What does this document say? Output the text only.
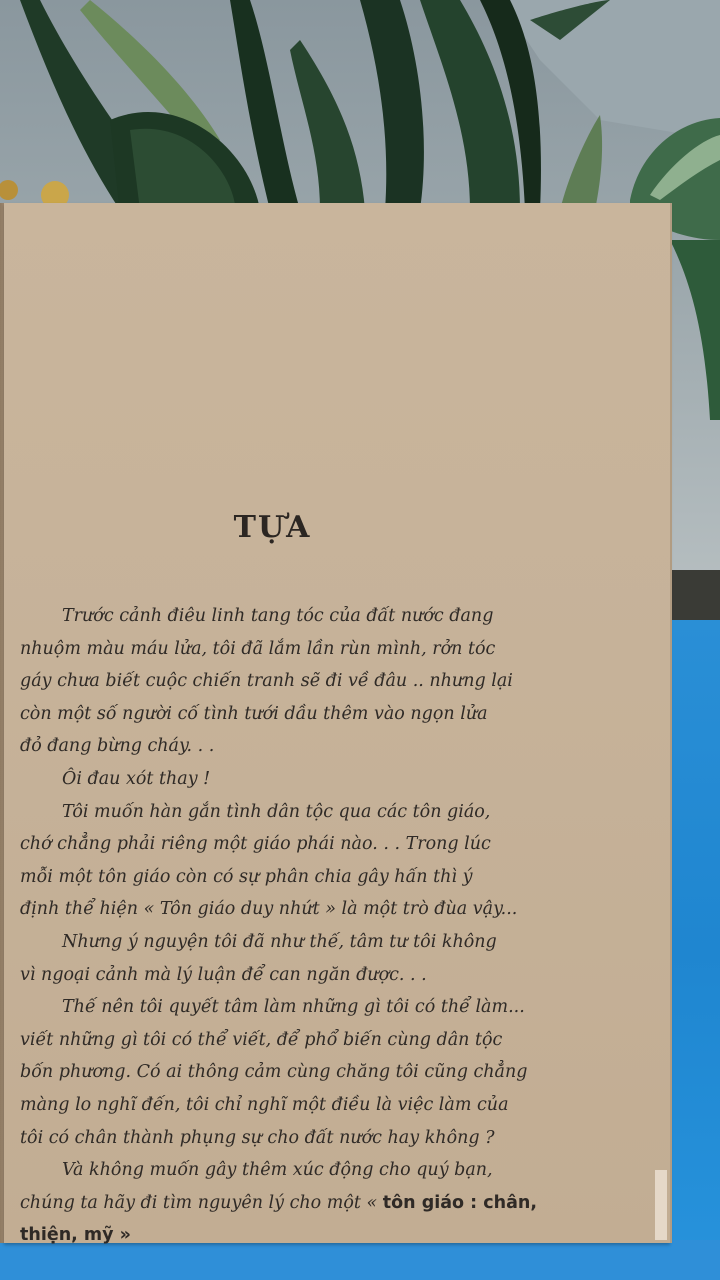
TỰA
Trước cảnh điêu linh tang tóc của đất nước đang
nhuộm màu máu lửa, tôi đã lắm lần rùn mình, rởn tóc
gáy chưa biết cuộc chiến tranh sẽ đi về đâu .. nhưng lại
còn một số người cố tình tưới dầu thêm vào ngọn lửa
đỏ đang bừng cháy. . .
Ôi đau xót thay !
Tôi muốn hàn gắn tình dân tộc qua các tôn giáo,
chớ chẳng phải riêng một giáo phái nào. . . Trong lúc
mỗi một tôn giáo còn có sự phân chia gây hấn thì ý
định thể hiện « Tôn giáo duy nhứt » là một trò đùa vậy...
Nhưng ý nguyện tôi đã như thế, tâm tư tôi không
vì ngoại cảnh mà lý luận để can ngăn được. . .
Thế nên tôi quyết tâm làm những gì tôi có thể làm...
viết những gì tôi có thể viết, để phổ biến cùng dân tộc
bốn phương. Có ai thông cảm cùng chăng tôi cũng chẳng
màng lo nghĩ đến, tôi chỉ nghĩ một điều là việc làm của
tôi có chân thành phụng sự cho đất nước hay không ?
Và không muốn gây thêm xúc động cho quý bạn,
chúng ta hãy đi tìm nguyên lý cho một « tôn giáo : chân,
thiện, mỹ »
